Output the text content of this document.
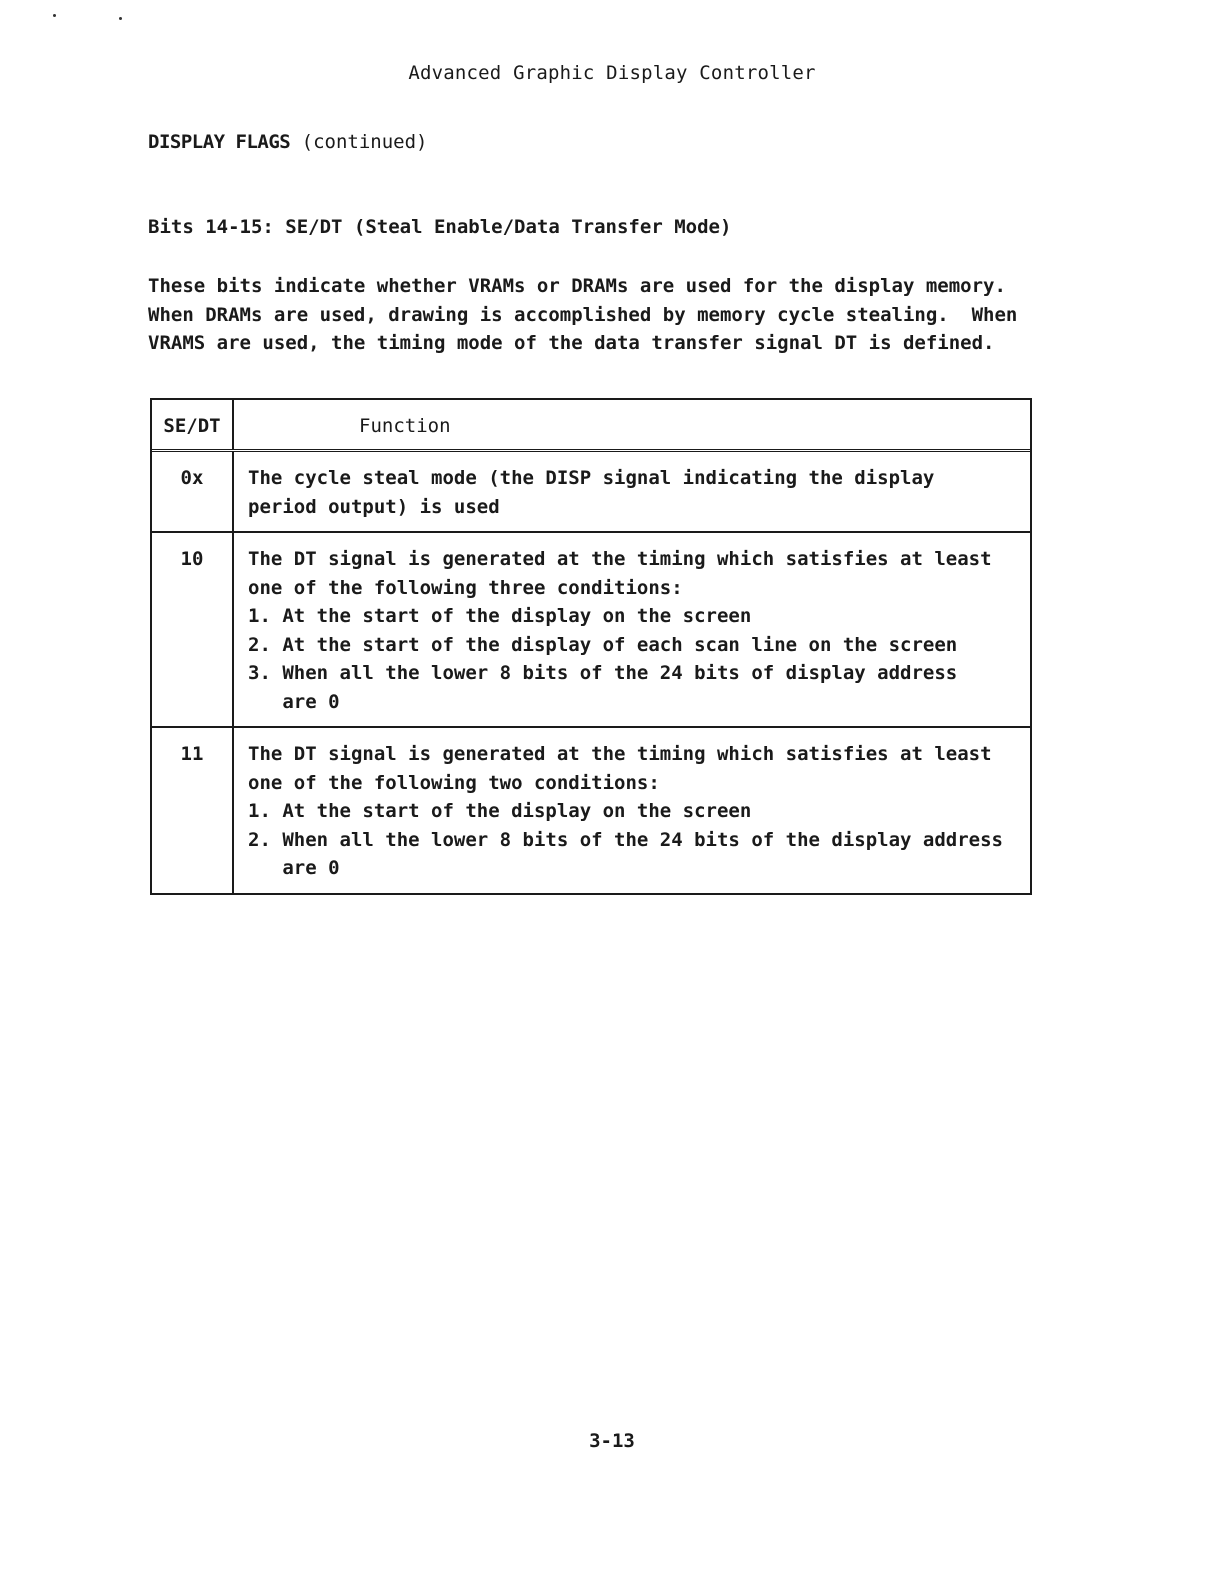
Advanced Graphic Display Controller
DISPLAY FLAGS (continued)
Bits 14-15: SE/DT (Steal Enable/Data Transfer Mode)
These bits indicate whether VRAMs or DRAMs are used for the display memory.
When DRAMs are used, drawing is accomplished by memory cycle stealing.  When
VRAMS are used, the timing mode of the data transfer signal DT is defined.
SE/DT	Function
0x	The cycle steal mode (the DISP signal indicating the display
period output) is used
10	The DT signal is generated at the timing which satisfies at least
one of the following three conditions:
1. At the start of the display on the screen
2. At the start of the display of each scan line on the screen
3. When all the lower 8 bits of the 24 bits of display address
are 0
11	The DT signal is generated at the timing which satisfies at least
one of the following two conditions:
1. At the start of the display on the screen
2. When all the lower 8 bits of the 24 bits of the display address
are 0
3-13
